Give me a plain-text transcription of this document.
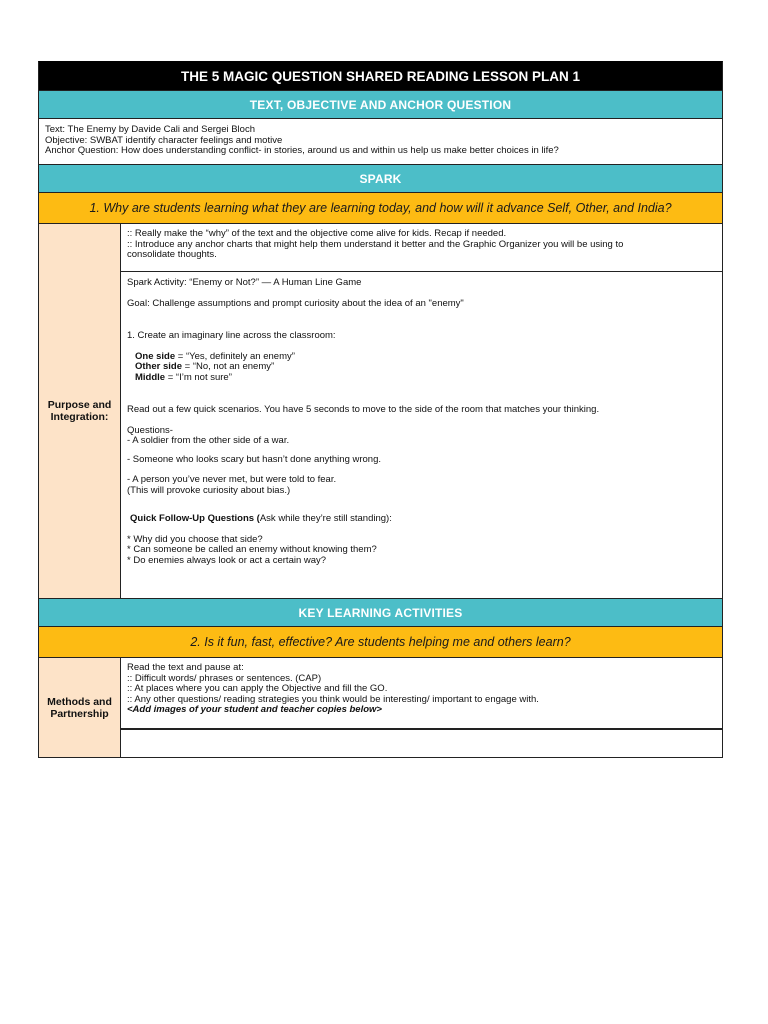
THE 5 MAGIC QUESTION SHARED READING LESSON PLAN 1
TEXT, OBJECTIVE AND ANCHOR QUESTION
Text: The Enemy by Davide Cali and Sergei Bloch
Objective: SWBAT identify character feelings and motive
Anchor Question: How does understanding conflict- in stories, around us and within us help us make better choices in life?
SPARK
1. Why are students learning what they are learning today, and how will it advance Self, Other, and India?
Purpose and Integration:

:: Really make the “why” of the text and the objective come alive for kids. Recap if needed.

:: Introduce any anchor charts that might help them understand it better and the Graphic Organizer you will be using to

consolidate thoughts.

Spark Activity: “Enemy or Not?” — A Human Line Game

Goal: Challenge assumptions and prompt curiosity about the idea of an "enemy"

1. Create an imaginary line across the classroom:

One side = “Yes, definitely an enemy”

Other side = “No, not an enemy”

Middle = “I’m not sure”

Read out a few quick scenarios. You have 5 seconds to move to the side of the room that matches your thinking.

Questions-

- A soldier from the other side of a war.

- Someone who looks scary but hasn’t done anything wrong.

- A person you’ve never met, but were told to fear.

(This will provoke curiosity about bias.)

Quick Follow-Up Questions (Ask while they’re still standing):

* Why did you choose that side?

* Can someone be called an enemy without knowing them?

* Do enemies always look or act a certain way?

KEY LEARNING ACTIVITIES
2. Is it fun, fast, effective? Are students helping me and others learn?
Methods and Partnership

Read the text and pause at:

:: Difficult words/ phrases or sentences. (CAP)

:: At places where you can apply the Objective and fill the GO.

:: Any other questions/ reading strategies you think would be interesting/ important to engage with.

<Add images of your student and teacher copies below>
